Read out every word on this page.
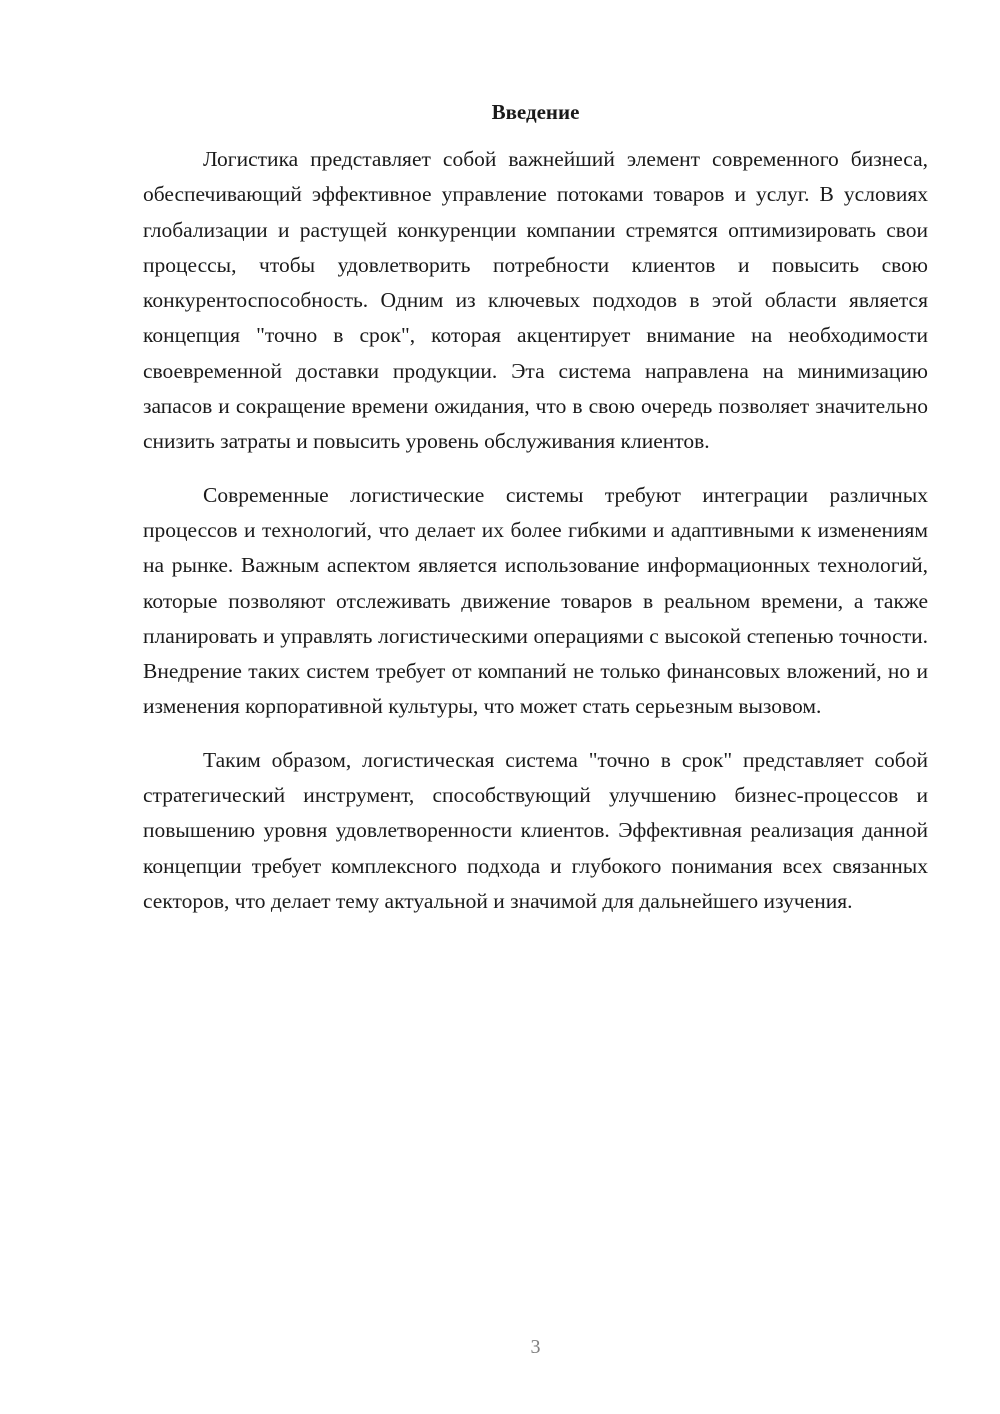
Введение

Логистика представляет собой важнейший элемент современного бизнеса, обеспечивающий эффективное управление потоками товаров и услуг. В условиях глобализации и растущей конкуренции компании стремятся оптимизировать свои процессы, чтобы удовлетворить потребности клиентов и повысить свою конкурентоспособность. Одним из ключевых подходов в этой области является концепция "точно в срок", которая акцентирует внимание на необходимости своевременной доставки продукции. Эта система направлена на минимизацию запасов и сокращение времени ожидания, что в свою очередь позволяет значительно снизить затраты и повысить уровень обслуживания клиентов.

Современные логистические системы требуют интеграции различных процессов и технологий, что делает их более гибкими и адаптивными к изменениям на рынке. Важным аспектом является использование информационных технологий, которые позволяют отслеживать движение товаров в реальном времени, а также планировать и управлять логистическими операциями с высокой степенью точности. Внедрение таких систем требует от компаний не только финансовых вложений, но и изменения корпоративной культуры, что может стать серьезным вызовом.

Таким образом, логистическая система "точно в срок" представляет собой стратегический инструмент, способствующий улучшению бизнес-процессов и повышению уровня удовлетворенности клиентов. Эффективная реализация данной концепции требует комплексного подхода и глубокого понимания всех связанных секторов, что делает тему актуальной и значимой для дальнейшего изучения.

3
